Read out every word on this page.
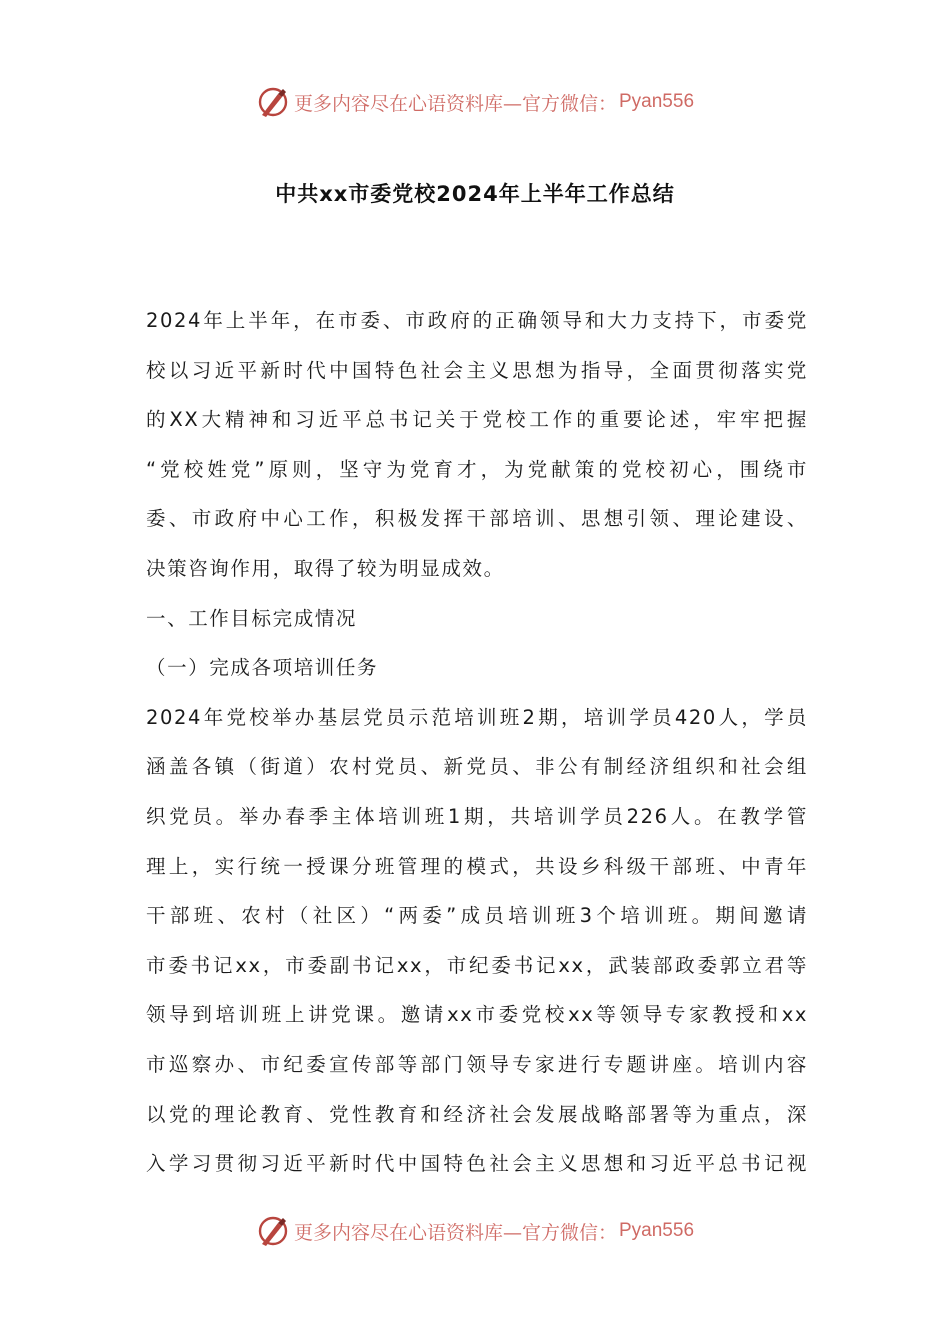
更多内容尽在心语资料库—官方微信： Pyan556
中共xx市委党校2024年上半年工作总结
2024年上半年，在市委、市政府的正确领导和大力支持下，市委党
校以习近平新时代中国特色社会主义思想为指导，全面贯彻落实党
的XX大精神和习近平总书记关于党校工作的重要论述，牢牢把握
“党校姓党”原则，坚守为党育才，为党献策的党校初心，围绕市
委、市政府中心工作，积极发挥干部培训、思想引领、理论建设、
决策咨询作用，取得了较为明显成效。
一、工作目标完成情况
（一）完成各项培训任务
2024年党校举办基层党员示范培训班2期，培训学员420人，学员
涵盖各镇（街道）农村党员、新党员、非公有制经济组织和社会组
织党员。举办春季主体培训班1期，共培训学员226人。在教学管
理上，实行统一授课分班管理的模式，共设乡科级干部班、中青年
干部班、农村（社区）“两委”成员培训班3个培训班。期间邀请
市委书记xx，市委副书记xx，市纪委书记xx，武装部政委郭立君等
领导到培训班上讲党课。邀请xx市委党校xx等领导专家教授和xx
市巡察办、市纪委宣传部等部门领导专家进行专题讲座。培训内容
以党的理论教育、党性教育和经济社会发展战略部署等为重点，深
入学习贯彻习近平新时代中国特色社会主义思想和习近平总书记视
更多内容尽在心语资料库—官方微信： Pyan556
